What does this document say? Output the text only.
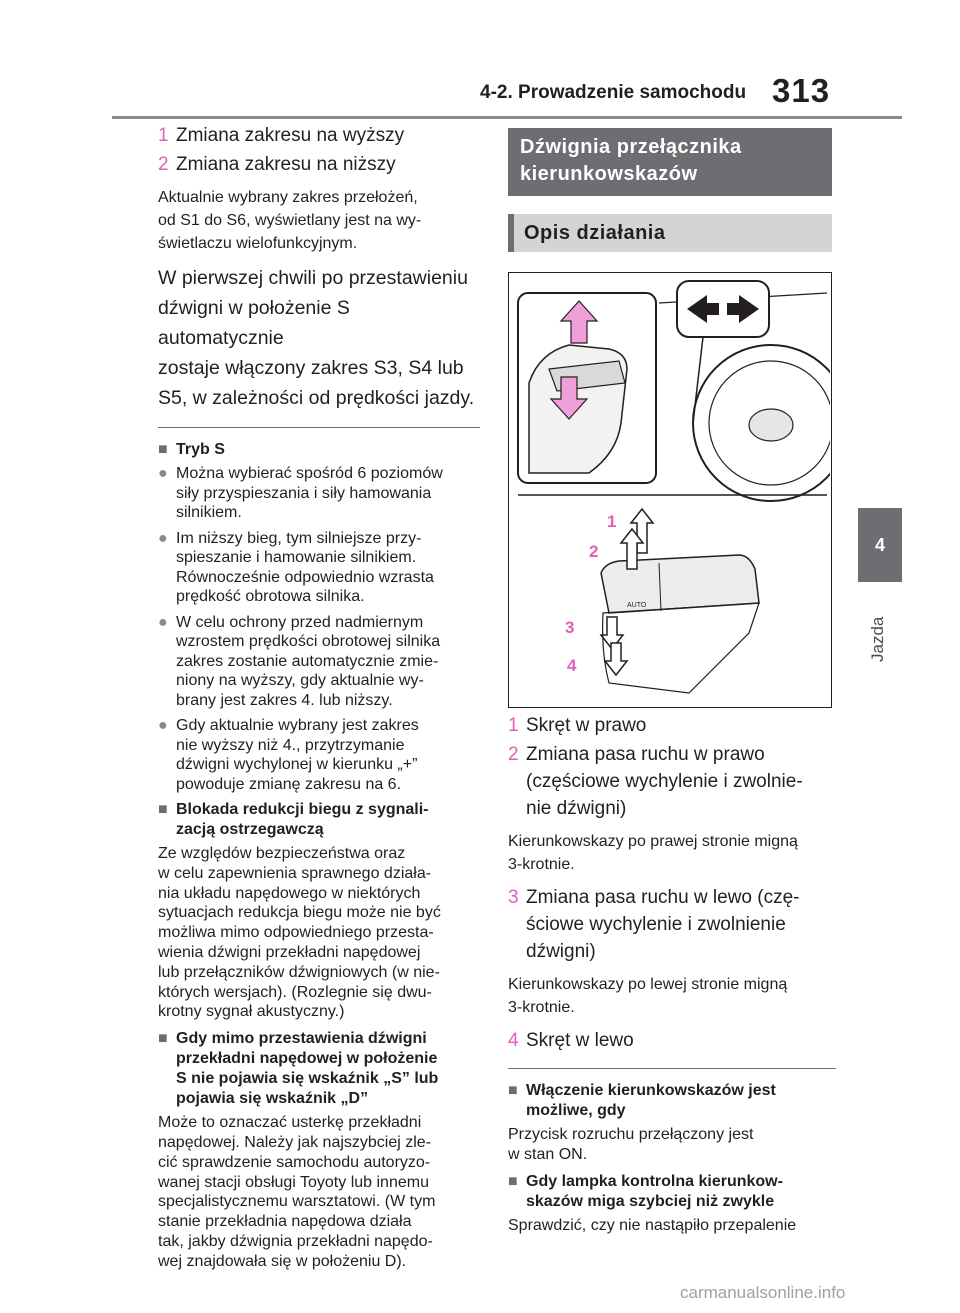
4-2. Prowadzenie samochodu 313
4
Jazda
1 Zmiana zakresu na wyższy
2 Zmiana zakresu na niższy
Aktualnie wybrany zakres przełożeń,
od S1 do S6, wyświetlany jest na wy-
świetlaczu wielofunkcyjnym.
W pierwszej chwili po przestawieniu
dźwigni w położenie S automatycznie
zostaje włączony zakres S3, S4 lub
S5, w zależności od prędkości jazdy.
■ Tryb S
● Można wybierać spośród 6 poziomów
siły przyspieszania i siły hamowania
silnikiem.
● Im niższy bieg, tym silniejsze przy-
spieszanie i hamowanie silnikiem.
Równocześnie odpowiednio wzrasta
prędkość obrotowa silnika.
● W celu ochrony przed nadmiernym
wzrostem prędkości obrotowej silnika
zakres zostanie automatycznie zmie-
niony na wyższy, gdy aktualnie wy-
brany jest zakres 4. lub niższy.
● Gdy aktualnie wybrany jest zakres
nie wyższy niż 4., przytrzymanie
dźwigni wychylonej w kierunku „+”
powoduje zmianę zakresu na 6.
■ Blokada redukcji biegu z sygnali-
zacją ostrzegawczą
Ze względów bezpieczeństwa oraz
w celu zapewnienia sprawnego działa-
nia układu napędowego w niektórych
sytuacjach redukcja biegu może nie być
możliwa mimo odpowiedniego przesta-
wienia dźwigni przekładni napędowej
lub przełączników dźwigniowych (w nie-
których wersjach). (Rozlegnie się dwu-
krotny sygnał akustyczny.)
■ Gdy mimo przestawienia dźwigni
przekładni napędowej w położenie
S nie pojawia się wskaźnik „S” lub
pojawia się wskaźnik „D”
Może to oznaczać usterkę przekładni
napędowej. Należy jak najszybciej zle-
cić sprawdzenie samochodu autoryzo-
wanej stacji obsługi Toyoty lub innemu
specjalistycznemu warsztatowi. (W tym
stanie przekładnia napędowa działa
tak, jakby dźwignia przekładni napędo-
wej znajdowała się w położeniu D).
Dźwignia przełącznika
kierunkowskazów
Opis działania
AUTO
1
2
3
4
1 Skręt w prawo
2 Zmiana pasa ruchu w prawo
(częściowe wychylenie i zwolnie-
nie dźwigni)
Kierunkowskazy po prawej stronie migną
3-krotnie.
3 Zmiana pasa ruchu w lewo (czę-
ściowe wychylenie i zwolnienie
dźwigni)
Kierunkowskazy po lewej stronie migną
3-krotnie.
4 Skręt w lewo
■ Włączenie kierunkowskazów jest
możliwe, gdy
Przycisk rozruchu przełączony jest
w stan ON.
■ Gdy lampka kontrolna kierunkow-
skazów miga szybciej niż zwykle
Sprawdzić, czy nie nastąpiło przepalenie
carmanualsonline.info
